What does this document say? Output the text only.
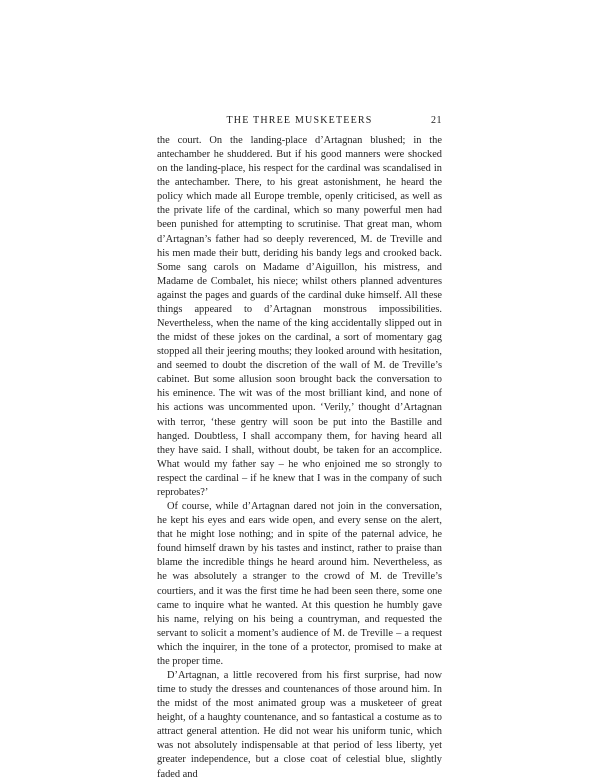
THE THREE MUSKETEERS	21

the court. On the landing-place d’Artagnan blushed; in the antechamber he shuddered. But if his good manners were shocked on the landing-place, his respect for the cardinal was scandalised in the antechamber. There, to his great astonishment, he heard the policy which made all Europe tremble, openly criticised, as well as the private life of the cardinal, which so many powerful men had been punished for attempting to scrutinise. That great man, whom d’Artagnan’s father had so deeply reverenced, M. de Treville and his men made their butt, deriding his bandy legs and crooked back. Some sang carols on Madame d’Aiguillon, his mistress, and Madame de Combalet, his niece; whilst others planned adventures against the pages and guards of the cardinal duke himself. All these things appeared to d’Artagnan monstrous impossibilities. Nevertheless, when the name of the king accidentally slipped out in the midst of these jokes on the cardinal, a sort of momentary gag stopped all their jeering mouths; they looked around with hesitation, and seemed to doubt the discretion of the wall of M. de Treville’s cabinet. But some allusion soon brought back the conversation to his eminence. The wit was of the most brilliant kind, and none of his actions was uncommented upon. ‘Verily,’ thought d’Artagnan with terror, ‘these gentry will soon be put into the Bastille and hanged. Doubtless, I shall accompany them, for having heard all they have said. I shall, without doubt, be taken for an accomplice. What would my father say – he who enjoined me so strongly to respect the cardinal – if he knew that I was in the company of such reprobates?’

Of course, while d’Artagnan dared not join in the conversation, he kept his eyes and ears wide open, and every sense on the alert, that he might lose nothing; and in spite of the paternal advice, he found himself drawn by his tastes and instinct, rather to praise than blame the incredible things he heard around him. Nevertheless, as he was absolutely a stranger to the crowd of M. de Treville’s courtiers, and it was the first time he had been seen there, some one came to inquire what he wanted. At this question he humbly gave his name, relying on his being a countryman, and requested the servant to solicit a moment’s audience of M. de Treville – a request which the inquirer, in the tone of a protector, promised to make at the proper time.

D’Artagnan, a little recovered from his first surprise, had now time to study the dresses and countenances of those around him. In the midst of the most animated group was a musketeer of great height, of a haughty countenance, and so fantastical a costume as to attract general attention. He did not wear his uniform tunic, which was not absolutely indispensable at that period of less liberty, yet greater independence, but a close coat of celestial blue, slightly faded and
